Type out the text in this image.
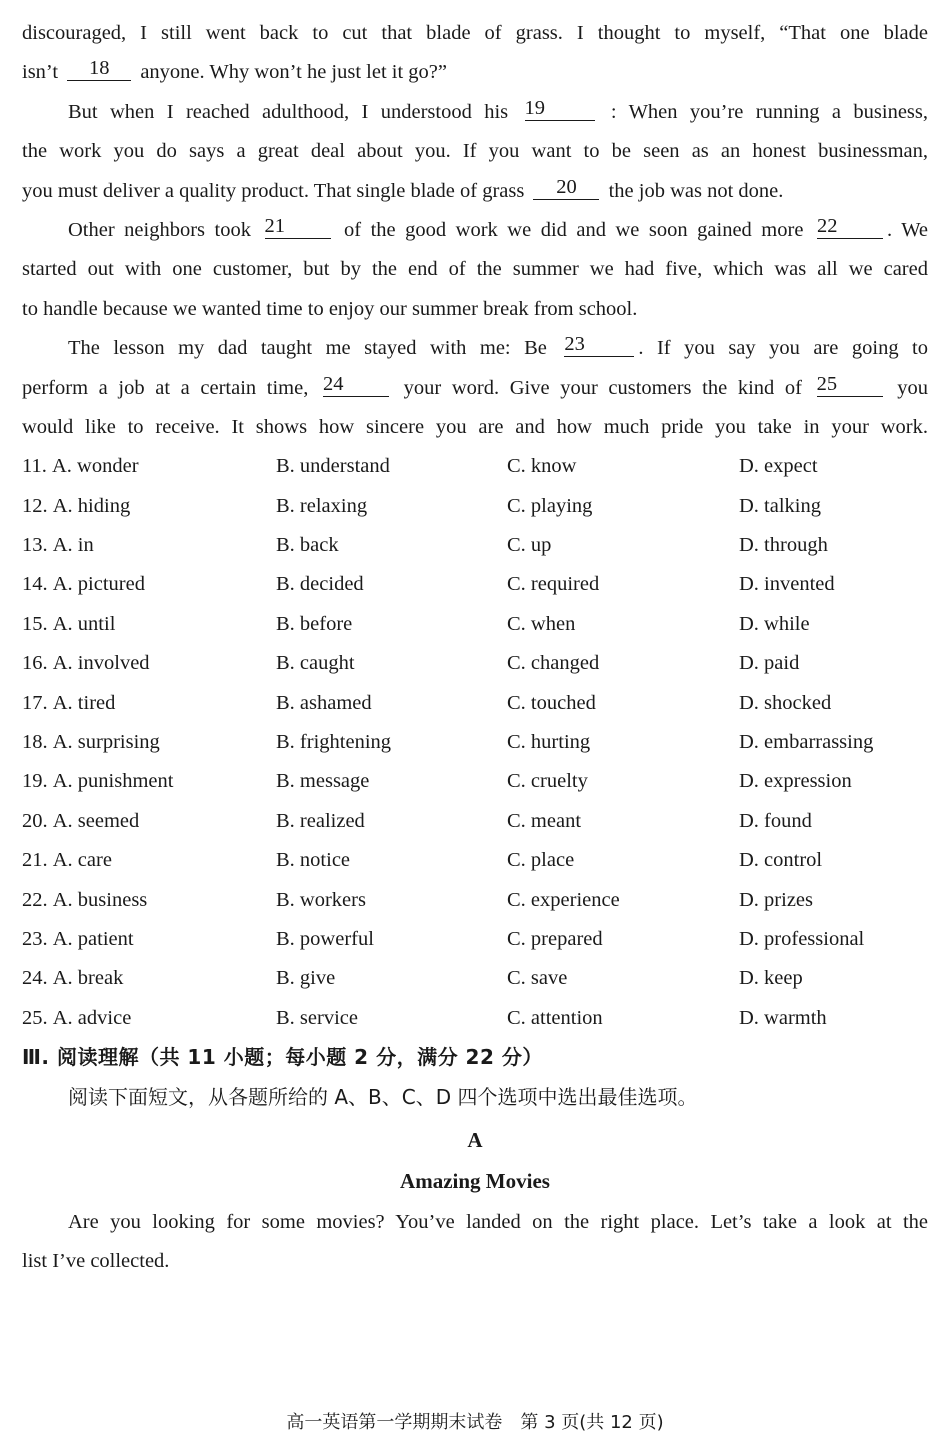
discouraged, I still went back to cut that blade of grass. I thought to myself, “That one blade
isn’t 18 anyone. Why won’t he just let it go?”
But when I reached adulthood, I understood his 19	: When you’re running a business,
the work you do says a great deal about you. If you want to be seen as an honest businessman,
you must deliver a quality product. That single blade of grass 20 the job was not done.
Other neighbors took 21	of the good work we did and we soon gained more 22 . We
started out with one customer, but by the end of the summer we had five, which was all we cared
to handle because we wanted time to enjoy our summer break from school.
The lesson my dad taught me stayed with me: Be 23	. If you say you are going to
perform a job at a certain time, 24	your word. Give your customers the kind of 25	you
would like to receive. It shows how sincere you are and how much pride you take in your work.
11. A. wonder	B. understand	C. know	D. expect
12. A. hiding	B. relaxing	C. playing	D. talking
13. A. in	B. back	C. up	D. through
14. A. pictured	B. decided	C. required	D. invented
15. A. until	B. before	C. when	D. while
16. A. involved	B. caught	C. changed	D. paid
17. A. tired	B. ashamed	C. touched	D. shocked
18. A. surprising	B. frightening	C. hurting	D. embarrassing
19. A. punishment	B. message	C. cruelty	D. expression
20. A. seemed	B. realized	C. meant	D. found
21. A. care	B. notice	C. place	D. control
22. A. business	B. workers	C. experience	D. prizes
23. A. patient	B. powerful	C. prepared	D. professional
24. A. break	B. give	C. save	D. keep
25. A. advice	B. service	C. attention	D. warmth
Ⅲ. 阅读理解（共 11 小题；每小题 2 分，满分 22 分）
阅读下面短文，从各题所给的 A、B、C、D 四个选项中选出最佳选项。
A
Amazing Movies
Are you looking for some movies? You’ve landed on the right place. Let’s take a look at the
list I’ve collected.
高一英语第一学期期末试卷　第 3 页(共 12 页)
